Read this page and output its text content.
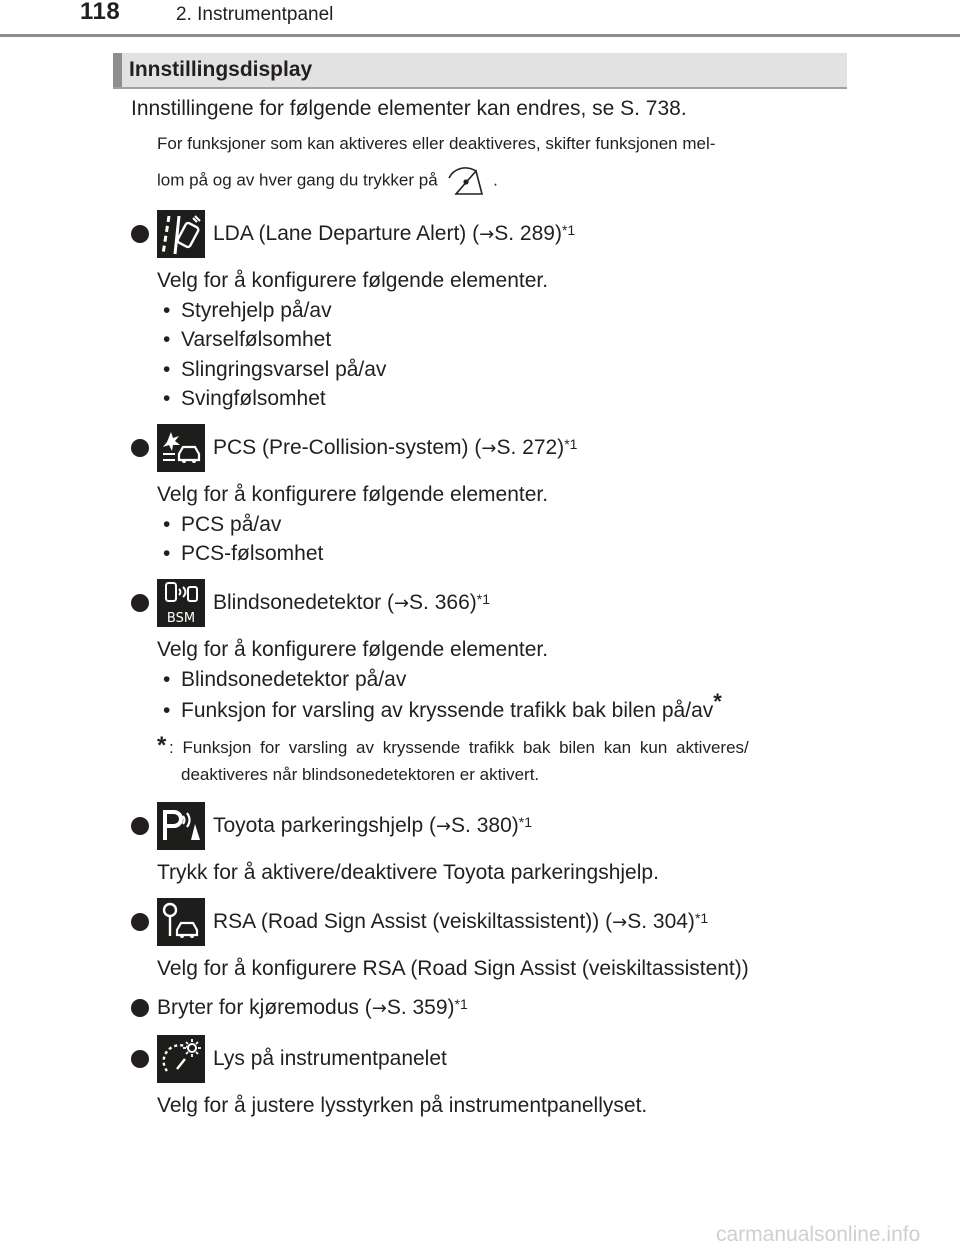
118	2. Instrumentpanel
Innstillingsdisplay
Innstillingene for følgende elementer kan endres, se S. 738.
For funksjoner som kan aktiveres eller deaktiveres, skifter funksjonen mel-
lom på og av hver gang du trykker på	.
LDA (Lane Departure Alert) ( → S. 289)$^{*1}$
Velg for å konfigurere følgende elementer.
• Styrehjelp på/av
• Varselfølsomhet
• Slingringsvarsel på/av
• Svingfølsomhet
PCS (Pre-Collision-system) ( → S. 272)$^{*1}$
Velg for å konfigurere følgende elementer.
• PCS på/av
• PCS-følsomhet
BSM
Blindsonedetektor ( → S. 366)$^{*1}$
Velg for å konfigurere følgende elementer.
• Blindsonedetektor på/av
• Funksjon for varsling av kryssende trafikk bak bilen på/av*
* : Funksjon for varsling av kryssende trafikk bak bilen kan kun aktiveres/
deaktiveres når blindsonedetektoren er aktivert.
Toyota parkeringshjelp ( → S. 380)$^{*1}$
Trykk for å aktivere/deaktivere Toyota parkeringshjelp.
RSA (Road Sign Assist (veiskiltassistent)) ( → S. 304)$^{*1}$
Velg for å konfigurere RSA (Road Sign Assist (veiskiltassistent))
Bryter for kjøremodus ( → S. 359)$^{*1}$
Lys på instrumentpanelet
Velg for å justere lysstyrken på instrumentpanellyset.
carmanualsonline.info
